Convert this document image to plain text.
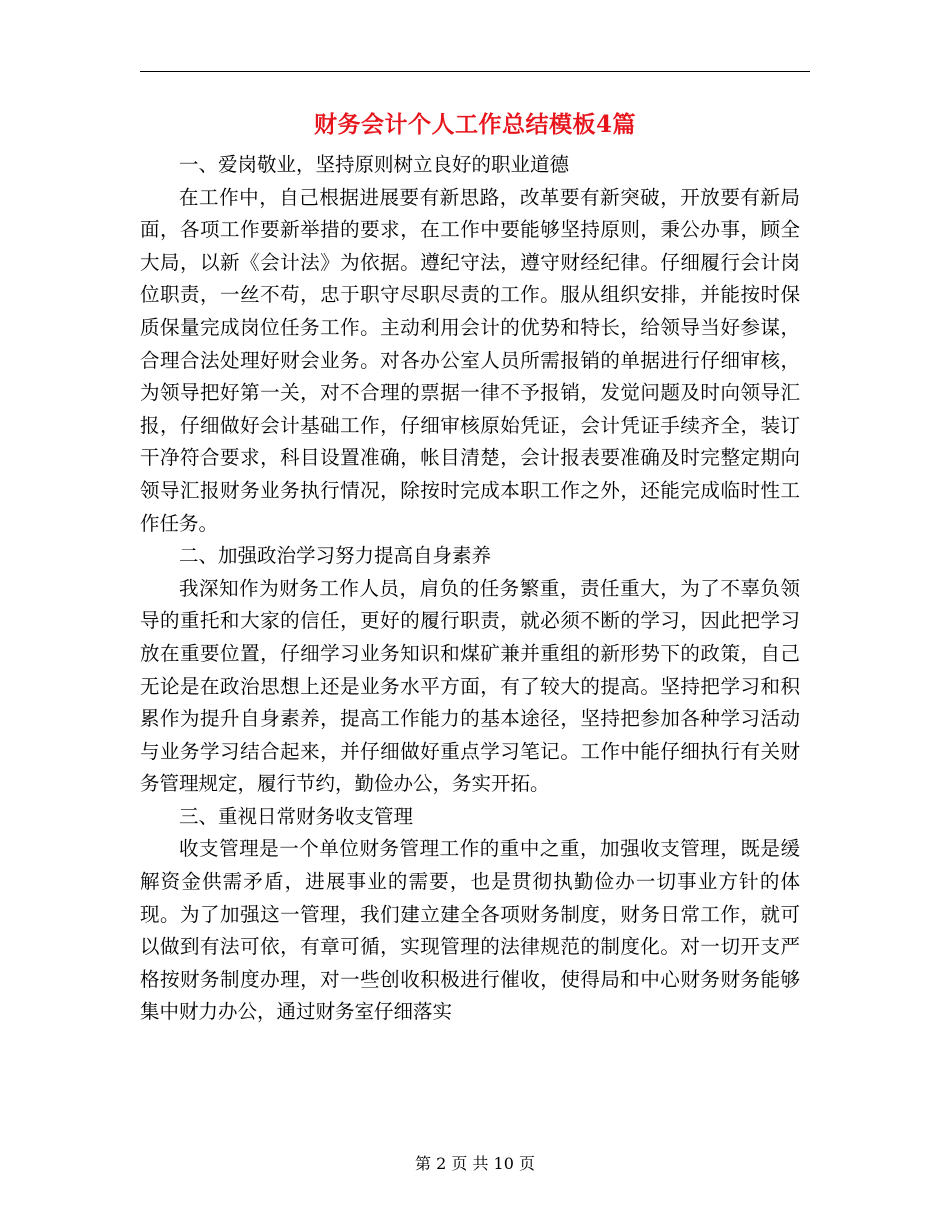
财务会计个人工作总结模板4篇

一、爱岗敬业，坚持原则树立良好的职业道德

在工作中，自己根据进展要有新思路，改革要有新突破，开放要有新局面，各项工作要新举措的要求，在工作中要能够坚持原则，秉公办事，顾全大局，以新《会计法》为依据。遵纪守法，遵守财经纪律。仔细履行会计岗位职责，一丝不苟，忠于职守尽职尽责的工作。服从组织安排，并能按时保质保量完成岗位任务工作。主动利用会计的优势和特长，给领导当好参谋，合理合法处理好财会业务。对各办公室人员所需报销的单据进行仔细审核，为领导把好第一关，对不合理的票据一律不予报销，发觉问题及时向领导汇报，仔细做好会计基础工作，仔细审核原始凭证，会计凭证手续齐全，装订干净符合要求，科目设置准确，帐目清楚，会计报表要准确及时完整定期向领导汇报财务业务执行情况，除按时完成本职工作之外，还能完成临时性工作任务。

二、加强政治学习努力提高自身素养

我深知作为财务工作人员，肩负的任务繁重，责任重大，为了不辜负领导的重托和大家的信任，更好的履行职责，就必须不断的学习，因此把学习放在重要位置，仔细学习业务知识和煤矿兼并重组的新形势下的政策，自己无论是在政治思想上还是业务水平方面，有了较大的提高。坚持把学习和积累作为提升自身素养，提高工作能力的基本途径，坚持把参加各种学习活动与业务学习结合起来，并仔细做好重点学习笔记。工作中能仔细执行有关财务管理规定，履行节约，勤俭办公，务实开拓。

三、重视日常财务收支管理

收支管理是一个单位财务管理工作的重中之重，加强收支管理，既是缓解资金供需矛盾，进展事业的需要，也是贯彻执勤俭办一切事业方针的体现。为了加强这一管理，我们建立建全各项财务制度，财务日常工作，就可以做到有法可依，有章可循，实现管理的法律规范的制度化。对一切开支严格按财务制度办理，对一些创收积极进行催收，使得局和中心财务财务能够集中财力办公，通过财务室仔细落实

第 2 页 共 10 页
